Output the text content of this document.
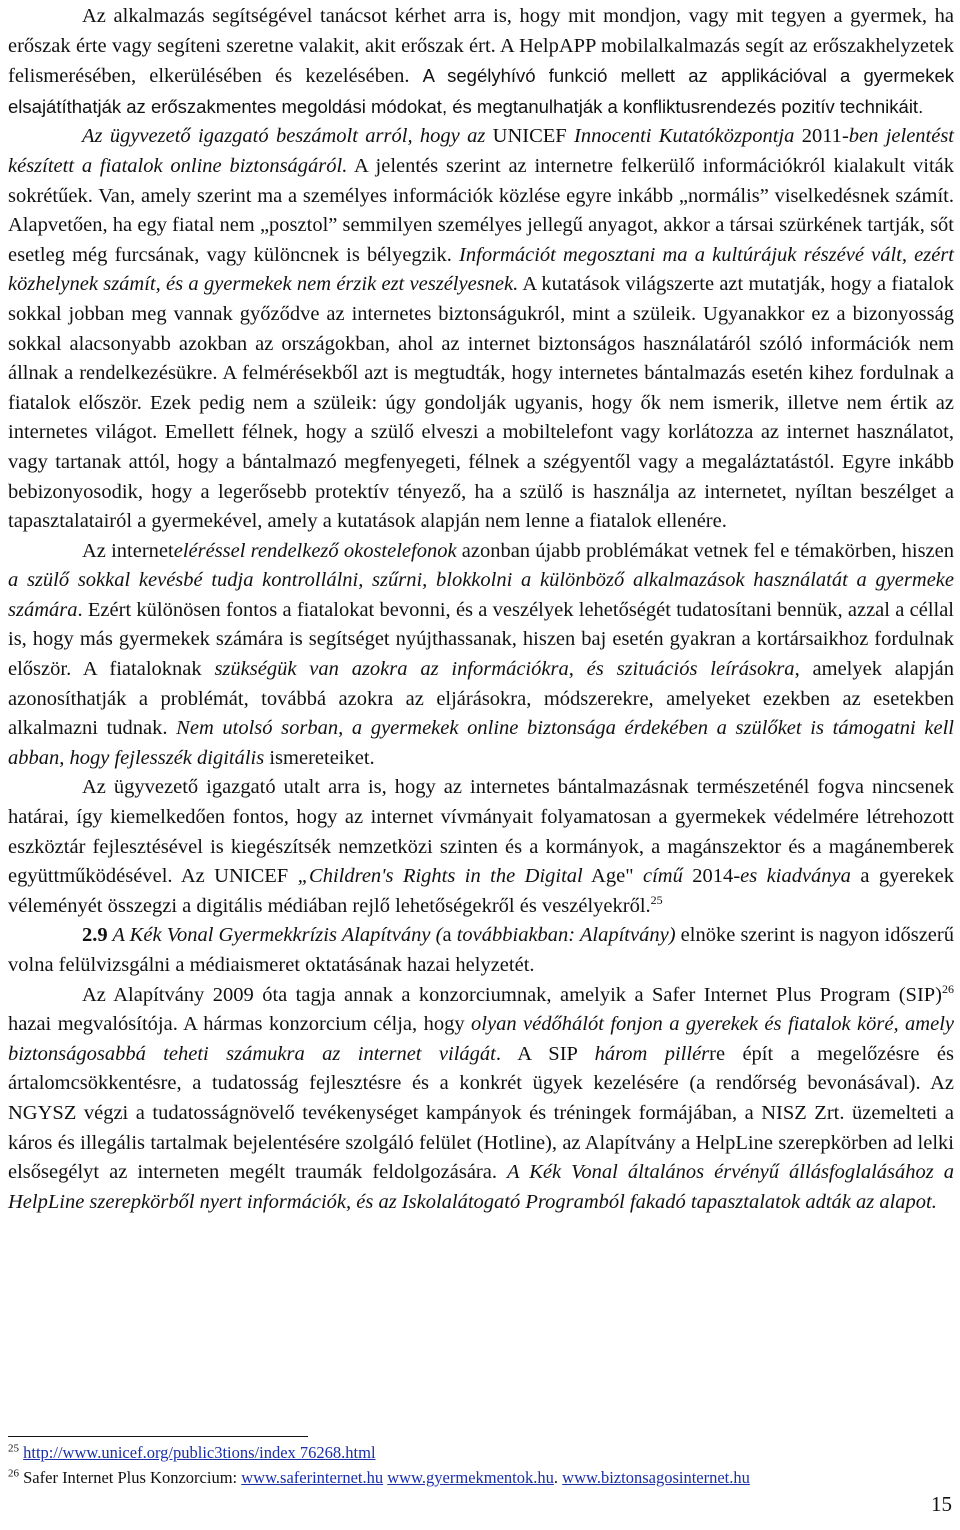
Az alkalmazás segítségével tanácsot kérhet arra is, hogy mit mondjon, vagy mit tegyen a gyermek, ha erőszak érte vagy segíteni szeretne valakit, akit erőszak ért. A HelpAPP mobilalkalmazás segít az erőszakhelyzetek felismerésében, elkerülésében és kezelésében. A segélyhívó funkció mellett az applikációval a gyermekek elsajátíthatják az erőszakmentes megoldási módokat, és megtanulhatják a konfliktusrendezés pozitív technikáit.

Az ügyvezető igazgató beszámolt arról, hogy az UNICEF Innocenti Kutatóközpontja 2011-ben jelentést készített a fiatalok online biztonságáról. A jelentés szerint az internetre felkerülő információkról kialakult viták sokrétűek. Van, amely szerint ma a személyes információk közlése egyre inkább „normális” viselkedésnek számít. Alapvetően, ha egy fiatal nem „posztol” semmilyen személyes jellegű anyagot, akkor a társai szürkének tartják, sőt esetleg még furcsának, vagy különcnek is bélyegzik. Információt megosztani ma a kultúrájuk részévé vált, ezért közhelynek számít, és a gyermekek nem érzik ezt veszélyesnek. A kutatások világszerte azt mutatják, hogy a fiatalok sokkal jobban meg vannak győződve az internetes biztonságukról, mint a szüleik. Ugyanakkor ez a bizonyosság sokkal alacsonyabb azokban az országokban, ahol az internet biztonságos használatáról szóló információk nem állnak a rendelkezésükre. A felmérésekből azt is megtudták, hogy internetes bántalmazás esetén kihez fordulnak a fiatalok először. Ezek pedig nem a szüleik: úgy gondolják ugyanis, hogy ők nem ismerik, illetve nem értik az internetes világot. Emellett félnek, hogy a szülő elveszi a mobiltelefont vagy korlátozza az internet használatot, vagy tartanak attól, hogy a bántalmazó megfenyegeti, félnek a szégyentől vagy a megaláztatástól. Egyre inkább bebizonyosodik, hogy a legerősebb protektív tényező, ha a szülő is használja az internetet, nyíltan beszélget a tapasztalatairól a gyermekével, amely a kutatások alapján nem lenne a fiatalok ellenére.

Az interneteléréssel rendelkező okostelefonok azonban újabb problémákat vetnek fel e témakörben, hiszen a szülő sokkal kevésbé tudja kontrollálni, szűrni, blokkolni a különböző alkalmazások használatát a gyermeke számára. Ezért különösen fontos a fiatalokat bevonni, és a veszélyek lehetőségét tudatosítani bennük, azzal a céllal is, hogy más gyermekek számára is segítséget nyújthassanak, hiszen baj esetén gyakran a kortársaikhoz fordulnak először. A fiataloknak szükségük van azokra az információkra, és szituációs leírásokra, amelyek alapján azonosíthatják a problémát, továbbá azokra az eljárásokra, módszerekre, amelyeket ezekben az esetekben alkalmazni tudnak. Nem utolsó sorban, a gyermekek online biztonsága érdekében a szülőket is támogatni kell abban, hogy fejlesszék digitális ismereteiket.

Az ügyvezető igazgató utalt arra is, hogy az internetes bántalmazásnak természeténél fogva nincsenek határai, így kiemelkedően fontos, hogy az internet vívmányait folyamatosan a gyermekek védelmére létrehozott eszköztár fejlesztésével is kiegészítsék nemzetközi szinten és a kormányok, a magánszektor és a magánemberek együttműködésével. Az UNICEF „Children's Rights in the Digital Age" című 2014-es kiadványa a gyerekek véleményét összegzi a digitális médiában rejlő lehetőségekről és veszélyekről.$^{25}$

2.9 A Kék Vonal Gyermekkrízis Alapítvány (a továbbiakban: Alapítvány) elnöke szerint is nagyon időszerű volna felülvizsgálni a médiaismeret oktatásának hazai helyzetét.

Az Alapítvány 2009 óta tagja annak a konzorciumnak, amelyik a Safer Internet Plus Program (SIP)$^{26}$ hazai megvalósítója. A hármas konzorcium célja, hogy olyan védőhálót fonjon a gyerekek és fiatalok köré, amely biztonságosabbá teheti számukra az internet világát. A SIP három pillérre épít a megelőzésre és ártalomcsökkentésre, a tudatosság fejlesztésre és a konkrét ügyek kezelésére (a rendőrség bevonásával). Az NGYSZ végzi a tudatosságnövelő tevékenységet kampányok és tréningek formájában, a NISZ Zrt. üzemelteti a káros és illegális tartalmak bejelentésére szolgáló felület (Hotline), az Alapítvány a HelpLine szerepkörben ad lelki elsősegélyt az interneten megélt traumák feldolgozására. A Kék Vonal általános érvényű állásfoglalásához a HelpLine szerepkörből nyert információk, és az Iskolalátogató Programból fakadó tapasztalatok adták az alapot.

$^{25}$ http://www.unicef.org/public3tions/index 76268.html
$^{26}$ Safer Internet Plus Konzorcium: www.saferinternet.hu www.gyermekmentok.hu. www.biztonsagosinternet.hu
15
